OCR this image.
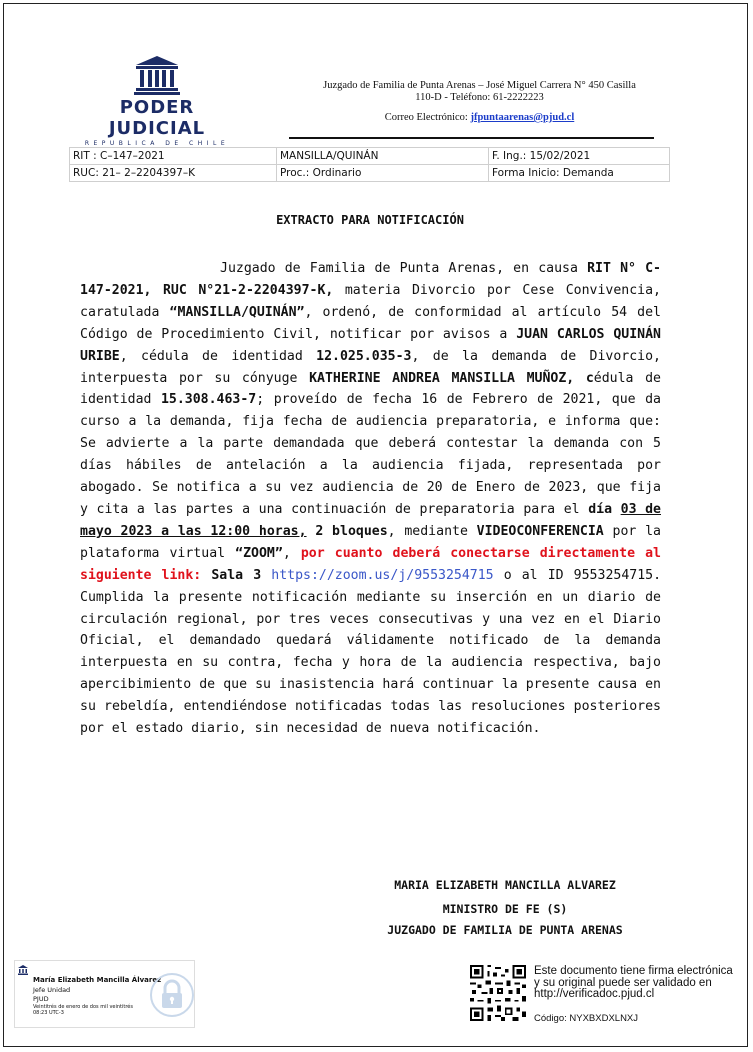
PODER JUDICIAL
REPUBLICA DE CHILE
Juzgado de Familia de Punta Arenas – José Miguel Carrera N° 450 Casilla
110-D - Teléfono: 61-2222223
Correo Electrónico: jfpuntaarenas@pjud.cl
RIT : C–147–2021	MANSILLA/QUINÁN	F. Ing.: 15/02/2021
RUC: 21– 2–2204397–K	Proc.: Ordinario	Forma Inicio: Demanda
EXTRACTO PARA NOTIFICACIÓN
Juzgado de Familia de Punta Arenas, en causa RIT N° C-147-2021, RUC N°21-2-2204397-K, materia Divorcio por Cese Convivencia, caratulada “MANSILLA/QUINÁN”, ordenó, de conformidad al artículo 54 del Código de Procedimiento Civil, notificar por avisos a JUAN CARLOS QUINÁN URIBE, cédula de identidad 12.025.035-3, de la demanda de Divorcio, interpuesta por su cónyuge KATHERINE ANDREA MANSILLA MUÑOZ, cédula de identidad 15.308.463-7; proveído de fecha 16 de Febrero de 2021, que da curso a la demanda, fija fecha de audiencia preparatoria, e informa que: Se advierte a la parte demandada que deberá contestar la demanda con 5 días hábiles de antelación a la audiencia fijada, representada por abogado. Se notifica a su vez audiencia de 20 de Enero de 2023, que fija y cita a las partes a una continuación de preparatoria para el día 03 de mayo 2023 a las 12:00 horas, 2 bloques, mediante VIDEOCONFERENCIA por la plataforma virtual “ZOOM”, por cuanto deberá conectarse directamente al siguiente link: Sala 3 https://zoom.us/j/9553254715 o al ID 9553254715. Cumplida la presente notificación mediante su inserción en un diario de circulación regional, por tres veces consecutivas y una vez en el Diario Oficial, el demandado quedará válidamente notificado de la demanda interpuesta en su contra, fecha y hora de la audiencia respectiva, bajo apercibimiento de que su inasistencia hará continuar la presente causa en su rebeldía, entendiéndose notificadas todas las resoluciones posteriores por el estado diario, sin necesidad de nueva notificación.
MARIA ELIZABETH MANCILLA ALVAREZ
MINISTRO DE FE (S)
JUZGADO DE FAMILIA DE PUNTA ARENAS
María Elizabeth Mancilla Álvarez
Jefe Unidad
PJUD
Veintitrés de enero de dos mil veintitrés
08:23 UTC-3
Este documento tiene firma electrónica y su original puede ser validado en http://verificadoc.pjud.cl
Código: NYXBXDXLNXJ
